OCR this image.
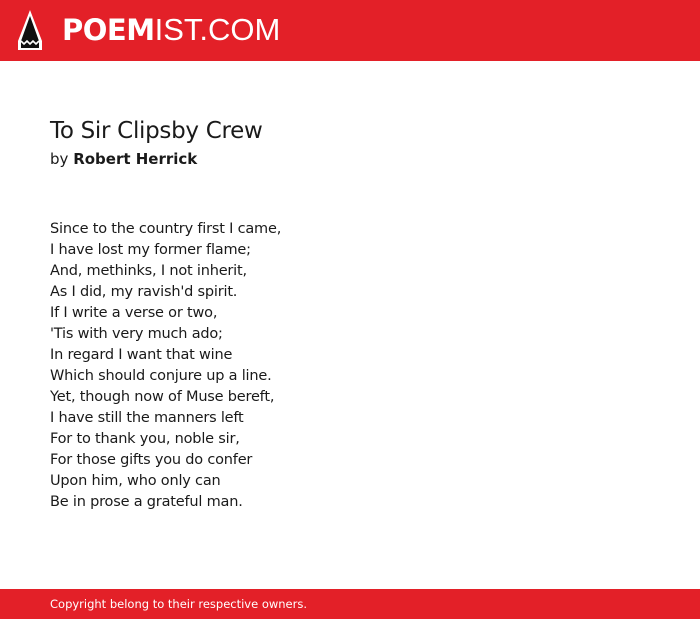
POEMIST.COM
To Sir Clipsby Crew
by Robert Herrick
Since to the country first I came,
I have lost my former flame;
And, methinks, I not inherit,
As I did, my ravish'd spirit.
If I write a verse or two,
'Tis with very much ado;
In regard I want that wine
Which should conjure up a line.
Yet, though now of Muse bereft,
I have still the manners left
For to thank you, noble sir,
For those gifts you do confer
Upon him, who only can
Be in prose a grateful man.
Copyright belong to their respective owners.
